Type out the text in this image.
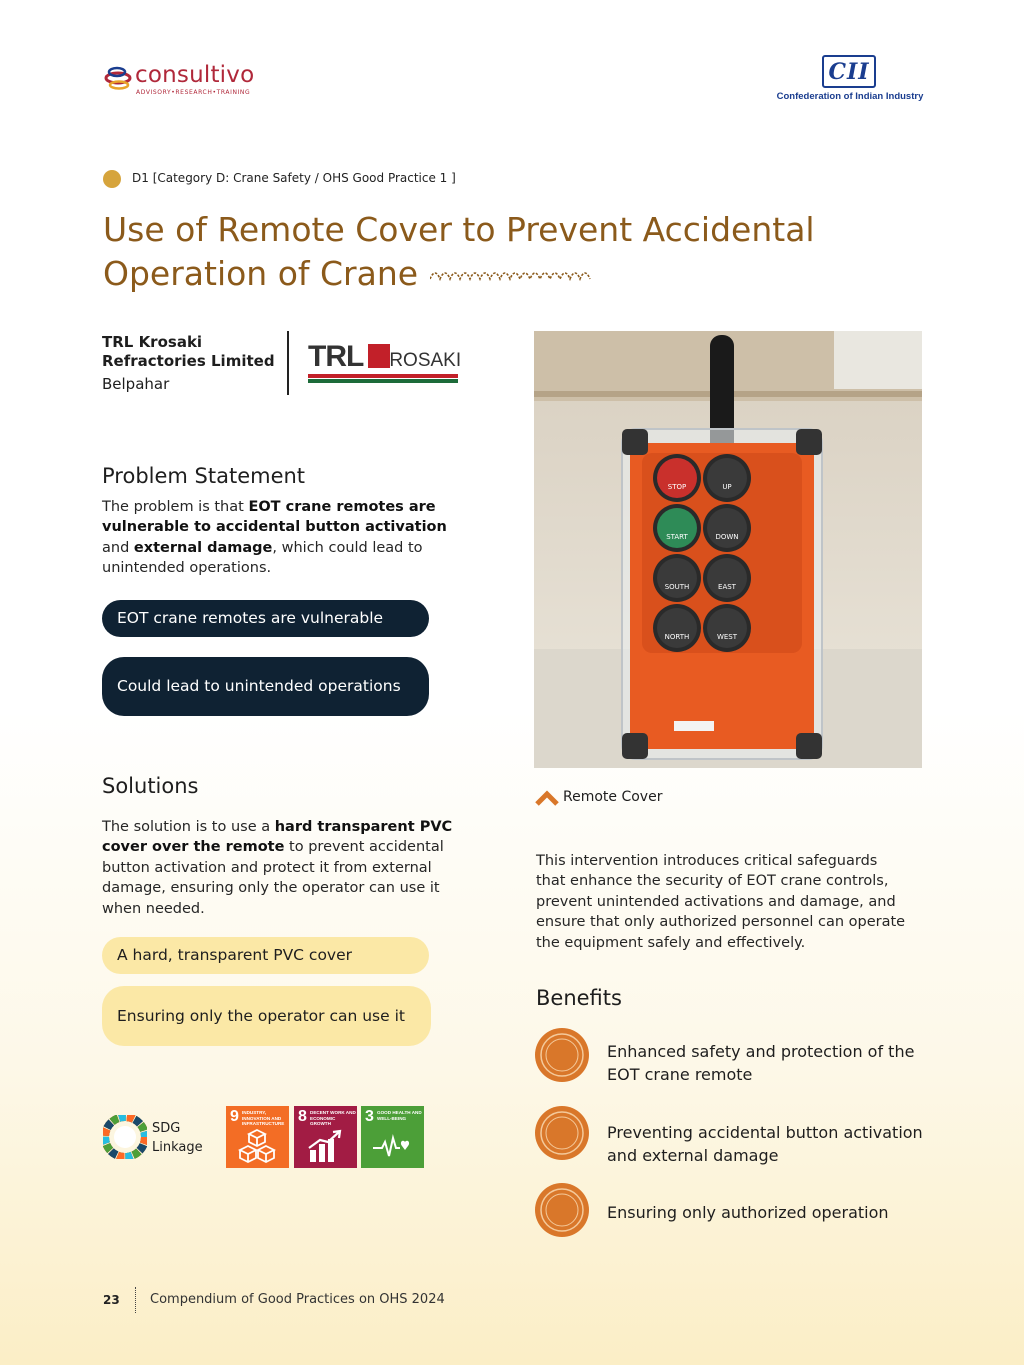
consultivo
ADVISORY•RESEARCH•TRAINING
CII
Confederation of Indian Industry
D1 [Category D: Crane Safety / OHS Good Practice 1 ]
Use of Remote Cover to Prevent Accidental
Operation of Crane
TRL Krosaki
Refractories Limited
Belpahar
TRL ROSAKI
Problem Statement

The problem is that EOT crane remotes are vulnerable to accidental button activation and external damage, which could lead to unintended operations.

EOT crane remotes are vulnerable
Could lead to unintended operations
Solutions

The solution is to use a hard transparent PVC cover over the remote to prevent accidental button activation and protect it from external damage, ensuring only the operator can use it when needed.

A hard, transparent PVC cover
Ensuring only the operator can use it
STOP	UP
START	DOWN
SOUTH	EAST
NORTH	WEST
Remote Cover

This intervention introduces critical safeguards that enhance the security of EOT crane controls, prevent unintended activations and damage, and ensure that only authorized personnel can operate the equipment safely and effectively.

Benefits
Enhanced safety and protection of the EOT crane remote
Preventing accidental button activation and external damage
Ensuring only authorized operation
SDG
Linkage
9 INDUSTRY, INNOVATION AND INFRASTRUCTURE 8 DECENT WORK AND ECONOMIC GROWTH	3 GOOD HEALTH AND WELL-BEING
23 Compendium of Good Practices on OHS 2024
